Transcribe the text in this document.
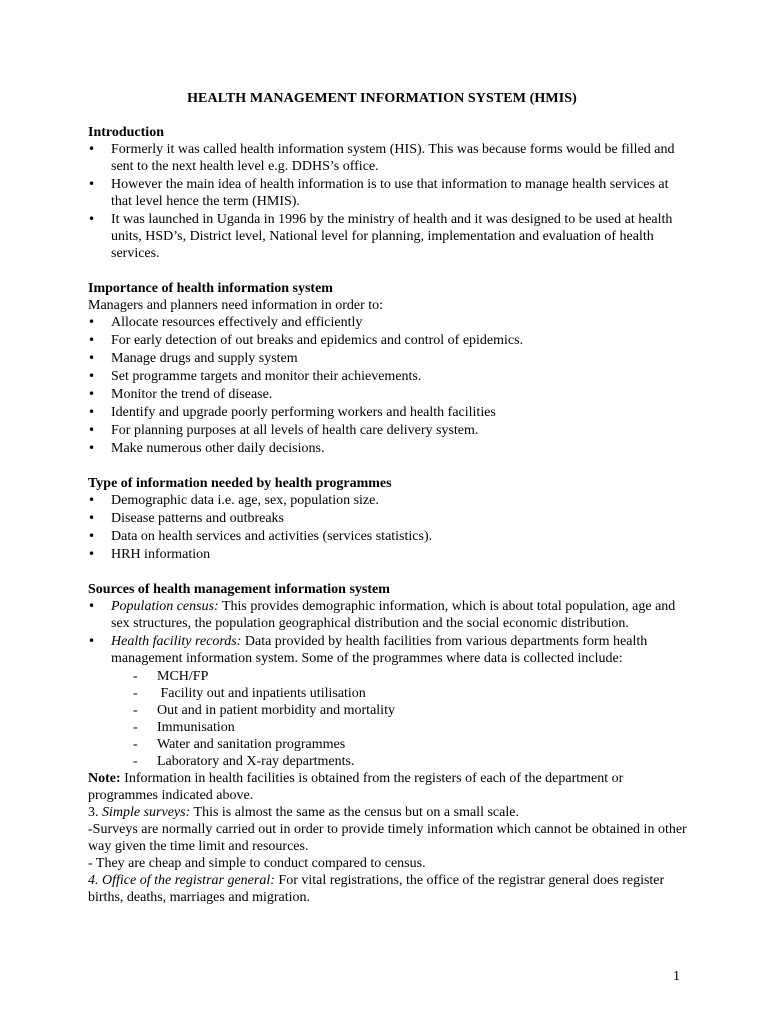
HEALTH MANAGEMENT INFORMATION SYSTEM (HMIS)
Introduction
• Formerly it was called health information system (HIS). This was because forms would be filled and sent to the next health level e.g. DDHS’s office.
• However the main idea of health information is to use that information to manage health services at that level hence the term (HMIS).
• It was launched in Uganda in 1996 by the ministry of health and it was designed to be used at health units, HSD’s, District level, National level for planning, implementation and evaluation of health services.
Importance of health information system

Managers and planners need information in order to:

• Allocate resources effectively and efficiently
• For early detection of out breaks and epidemics and control of epidemics.
• Manage drugs and supply system
• Set programme targets and monitor their achievements.
• Monitor the trend of disease.
• Identify and upgrade poorly performing workers and health facilities
• For planning purposes at all levels of health care delivery system.
• Make numerous other daily decisions.
Type of information needed by health programmes
• Demographic data i.e. age, sex, population size.
• Disease patterns and outbreaks
• Data on health services and activities (services statistics).
• HRH information
Sources of health management information system
• Population census: This provides demographic information, which is about total population, age and sex structures, the population geographical distribution and the social economic distribution.
• Health facility records: Data provided by health facilities from various departments form health management information system. Some of the programmes where data is collected include:
- MCH/FP
-  Facility out and inpatients utilisation
- Out and in patient morbidity and mortality
- Immunisation
- Water and sanitation programmes
- Laboratory and X-ray departments.

Note: Information in health facilities is obtained from the registers of each of the department or programmes indicated above.

3. Simple surveys: This is almost the same as the census but on a small scale.

-Surveys are normally carried out in order to provide timely information which cannot be obtained in other way given the time limit and resources.

- They are cheap and simple to conduct compared to census.

4. Office of the registrar general: For vital registrations, the office of the registrar general does register births, deaths, marriages and migration.

1
